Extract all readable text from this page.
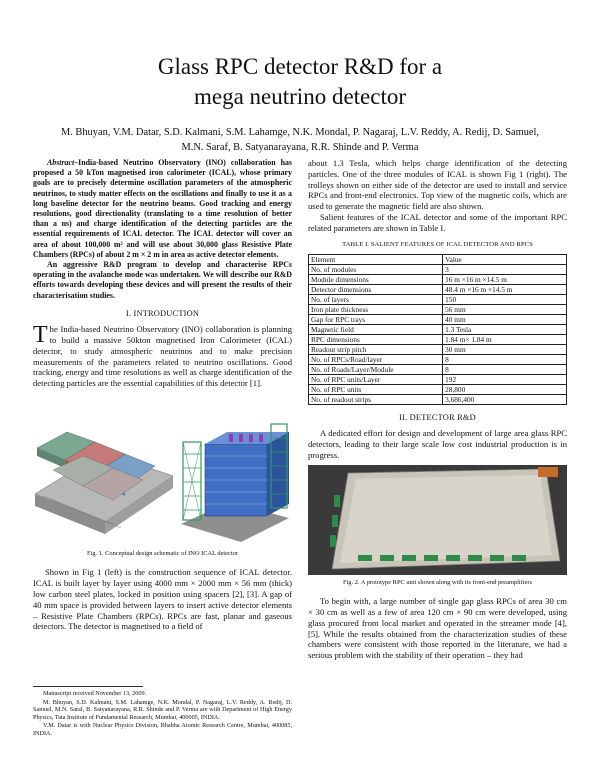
Glass RPC detector R&D for a
mega neutrino detector
M. Bhuyan, V.M. Datar, S.D. Kalmani, S.M. Lahamge, N.K. Mondal, P. Nagaraj, L.V. Reddy, A. Redij, D. Samuel,
M.N. Saraf, B. Satyanarayana, R.R. Shinde and P. Verma

Abstract–India-based Neutrino Observatory (INO) collaboration has proposed a 50 kTon magnetised iron calorimeter (ICAL), whose primary goals are to precisely determine oscillation parameters of the atmospheric neutrinos, to study matter effects on the oscillations and finally to use it as a long baseline detector for the neutrino beams. Good tracking and energy resolutions, good directionality (translating to a time resolution of better than a ns) and charge identification of the detecting particles are the essential requirements of ICAL detector. The ICAL detector will cover an area of about 100,000 m² and will use about 30,000 glass Resistive Plate Chambers (RPCs) of about 2 m × 2 m in area as active detector elements.

An aggressive R&D program to develop and characterise RPCs operating in the avalanche mode was undertaken. We will describe our R&D efforts towards developing these devices and will present the results of their characterisation studies.

I. INTRODUCTION

The India-based Neutrino Observatory (INO) collaboration is planning to build a massive 50kton magnetised Iron Calorimeter (ICAL) detector, to study atmospheric neutrinos and to make precision measurements of the parameters related to neutrino oscillations. Good tracking, energy and time resolutions as well as charge identification of the detecting particles are the essential capabilities of this detector [1].

Fig. 1. Conceptual design schematic of INO ICAL detector

Shown in Fig 1 (left) is the construction sequence of ICAL detector. ICAL is built layer by layer using 4000 mm × 2000 mm × 56 mm (thick) low carbon steel plates, locked in position using spacers [2], [3]. A gap of 40 mm space is provided between layers to insert active detector elements – Resistive Plate Chambers (RPCs). RPCs are fast, planar and gaseous detectors. The detector is magnetised to a field of

Manuscript received November 13, 2009.

M. Bhuyan, S.D. Kalmani, S.M. Lahamge, N.K. Mondal, P. Nagaraj, L.V. Reddy, A. Redij, D. Samuel, M.N. Saraf, B. Satyanarayana, R.R. Shinde and P. Verma are with Department of High Energy Physics, Tata Institute of Fundamental Research, Mumbai, 400005, INDIA.

V.M. Datar is with Nuclear Physics Division, Bhabha Atomic Research Centre, Mumbai, 400085, INDIA.

about 1.3 Tesla, which helps charge identification of the detecting particles. One of the three modules of ICAL is shown Fig 1 (right). The trolleys shown on either side of the detector are used to install and service RPCs and front-end electronics. Top view of the magnetic coils, which are used to generate the magnetic field are also shown.

Salient features of the ICAL detector and some of the important RPC related parameters are shown in Table I.

TABLE I. SALIENT FEATURES OF ICAL DETECTOR AND RPCS
Element	Value
No. of modules	3
Module dimensions	16 m ×16 m ×14.5 m
Detector dimensions	48.4 m ×16 m ×14.5 m
No. of layers	150
Iron plate thickness	56 mm
Gap for RPC trays	40 mm
Magnetic field	1.3 Tesla
RPC dimensions	1.84 m× 1.84 m
Readout strip pitch	30 mm
No. of RPCs/Road/layer	8
No. of Roads/Layer/Module	8
No. of RPC units/Layer	192
No. of RPC units	28,800
No. of readout strips	3,686,400
II. DETECTOR R&D

A dedicated effort for design and development of large area glass RPC detectors, leading to their large scale low cost industrial production is in progress.

Fig. 2. A prototype RPC unit shown along with its front-end preamplifiers

To begin with, a large number of single gap glass RPCs of area 30 cm × 30 cm as well as a few of area 120 cm × 90 cm were developed, using glass procured from local market and operated in the streamer mode [4], [5]. While the results obtained from the characterization studies of these chambers were consistent with those reported in the literature, we had a serious problem with the stability of their operation – they had
